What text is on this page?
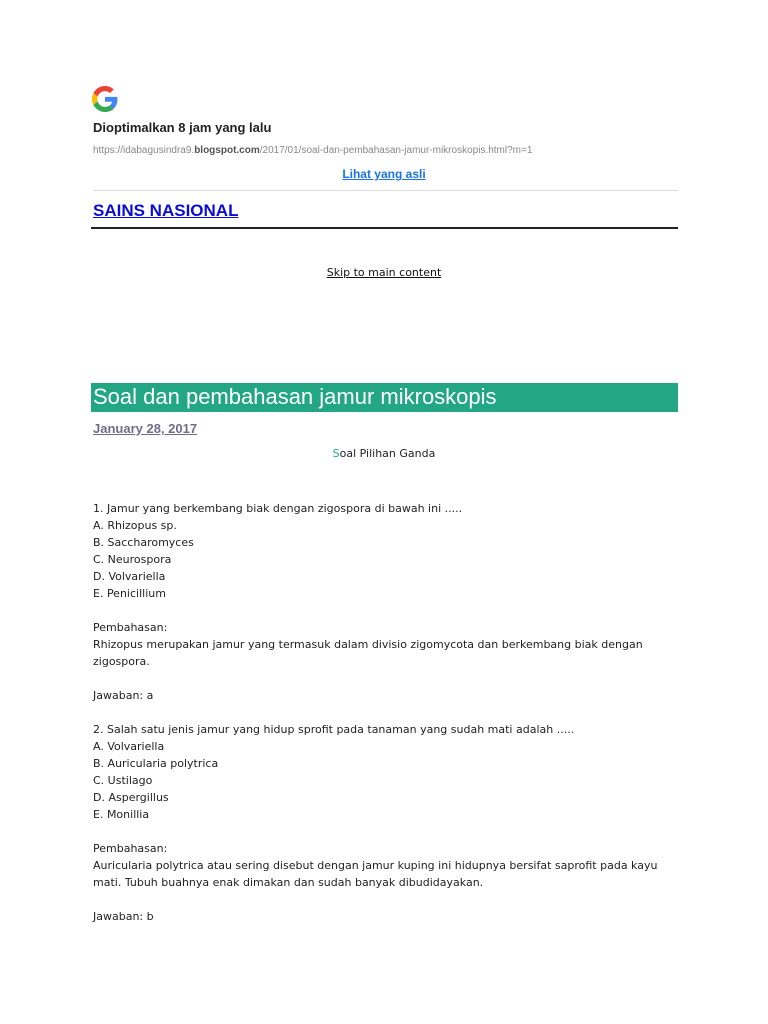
Dioptimalkan 8 jam yang lalu
https://idabagusindra9.blogspot.com/2017/01/soal-dan-pembahasan-jamur-mikroskopis.html?m=1
Lihat yang asli
SAINS NASIONAL
Skip to main content
Soal dan pembahasan jamur mikroskopis
January 28, 2017
Soal Pilihan Ganda
1. Jamur yang berkembang biak dengan zigospora di bawah ini .....
A. Rhizopus sp.
B. Saccharomyces
C. Neurospora
D. Volvariella
E. Penicillium
Pembahasan:
Rhizopus merupakan jamur yang termasuk dalam divisio zigomycota dan berkembang biak dengan zigospora.
Jawaban: a
2. Salah satu jenis jamur yang hidup sprofit pada tanaman yang sudah mati adalah .....
A. Volvariella
B. Auricularia polytrica
C. Ustilago
D. Aspergillus
E. Monillia
Pembahasan:
Auricularia polytrica atau sering disebut dengan jamur kuping ini hidupnya bersifat saprofit pada kayu mati. Tubuh buahnya enak dimakan dan sudah banyak dibudidayakan.
Jawaban: b
